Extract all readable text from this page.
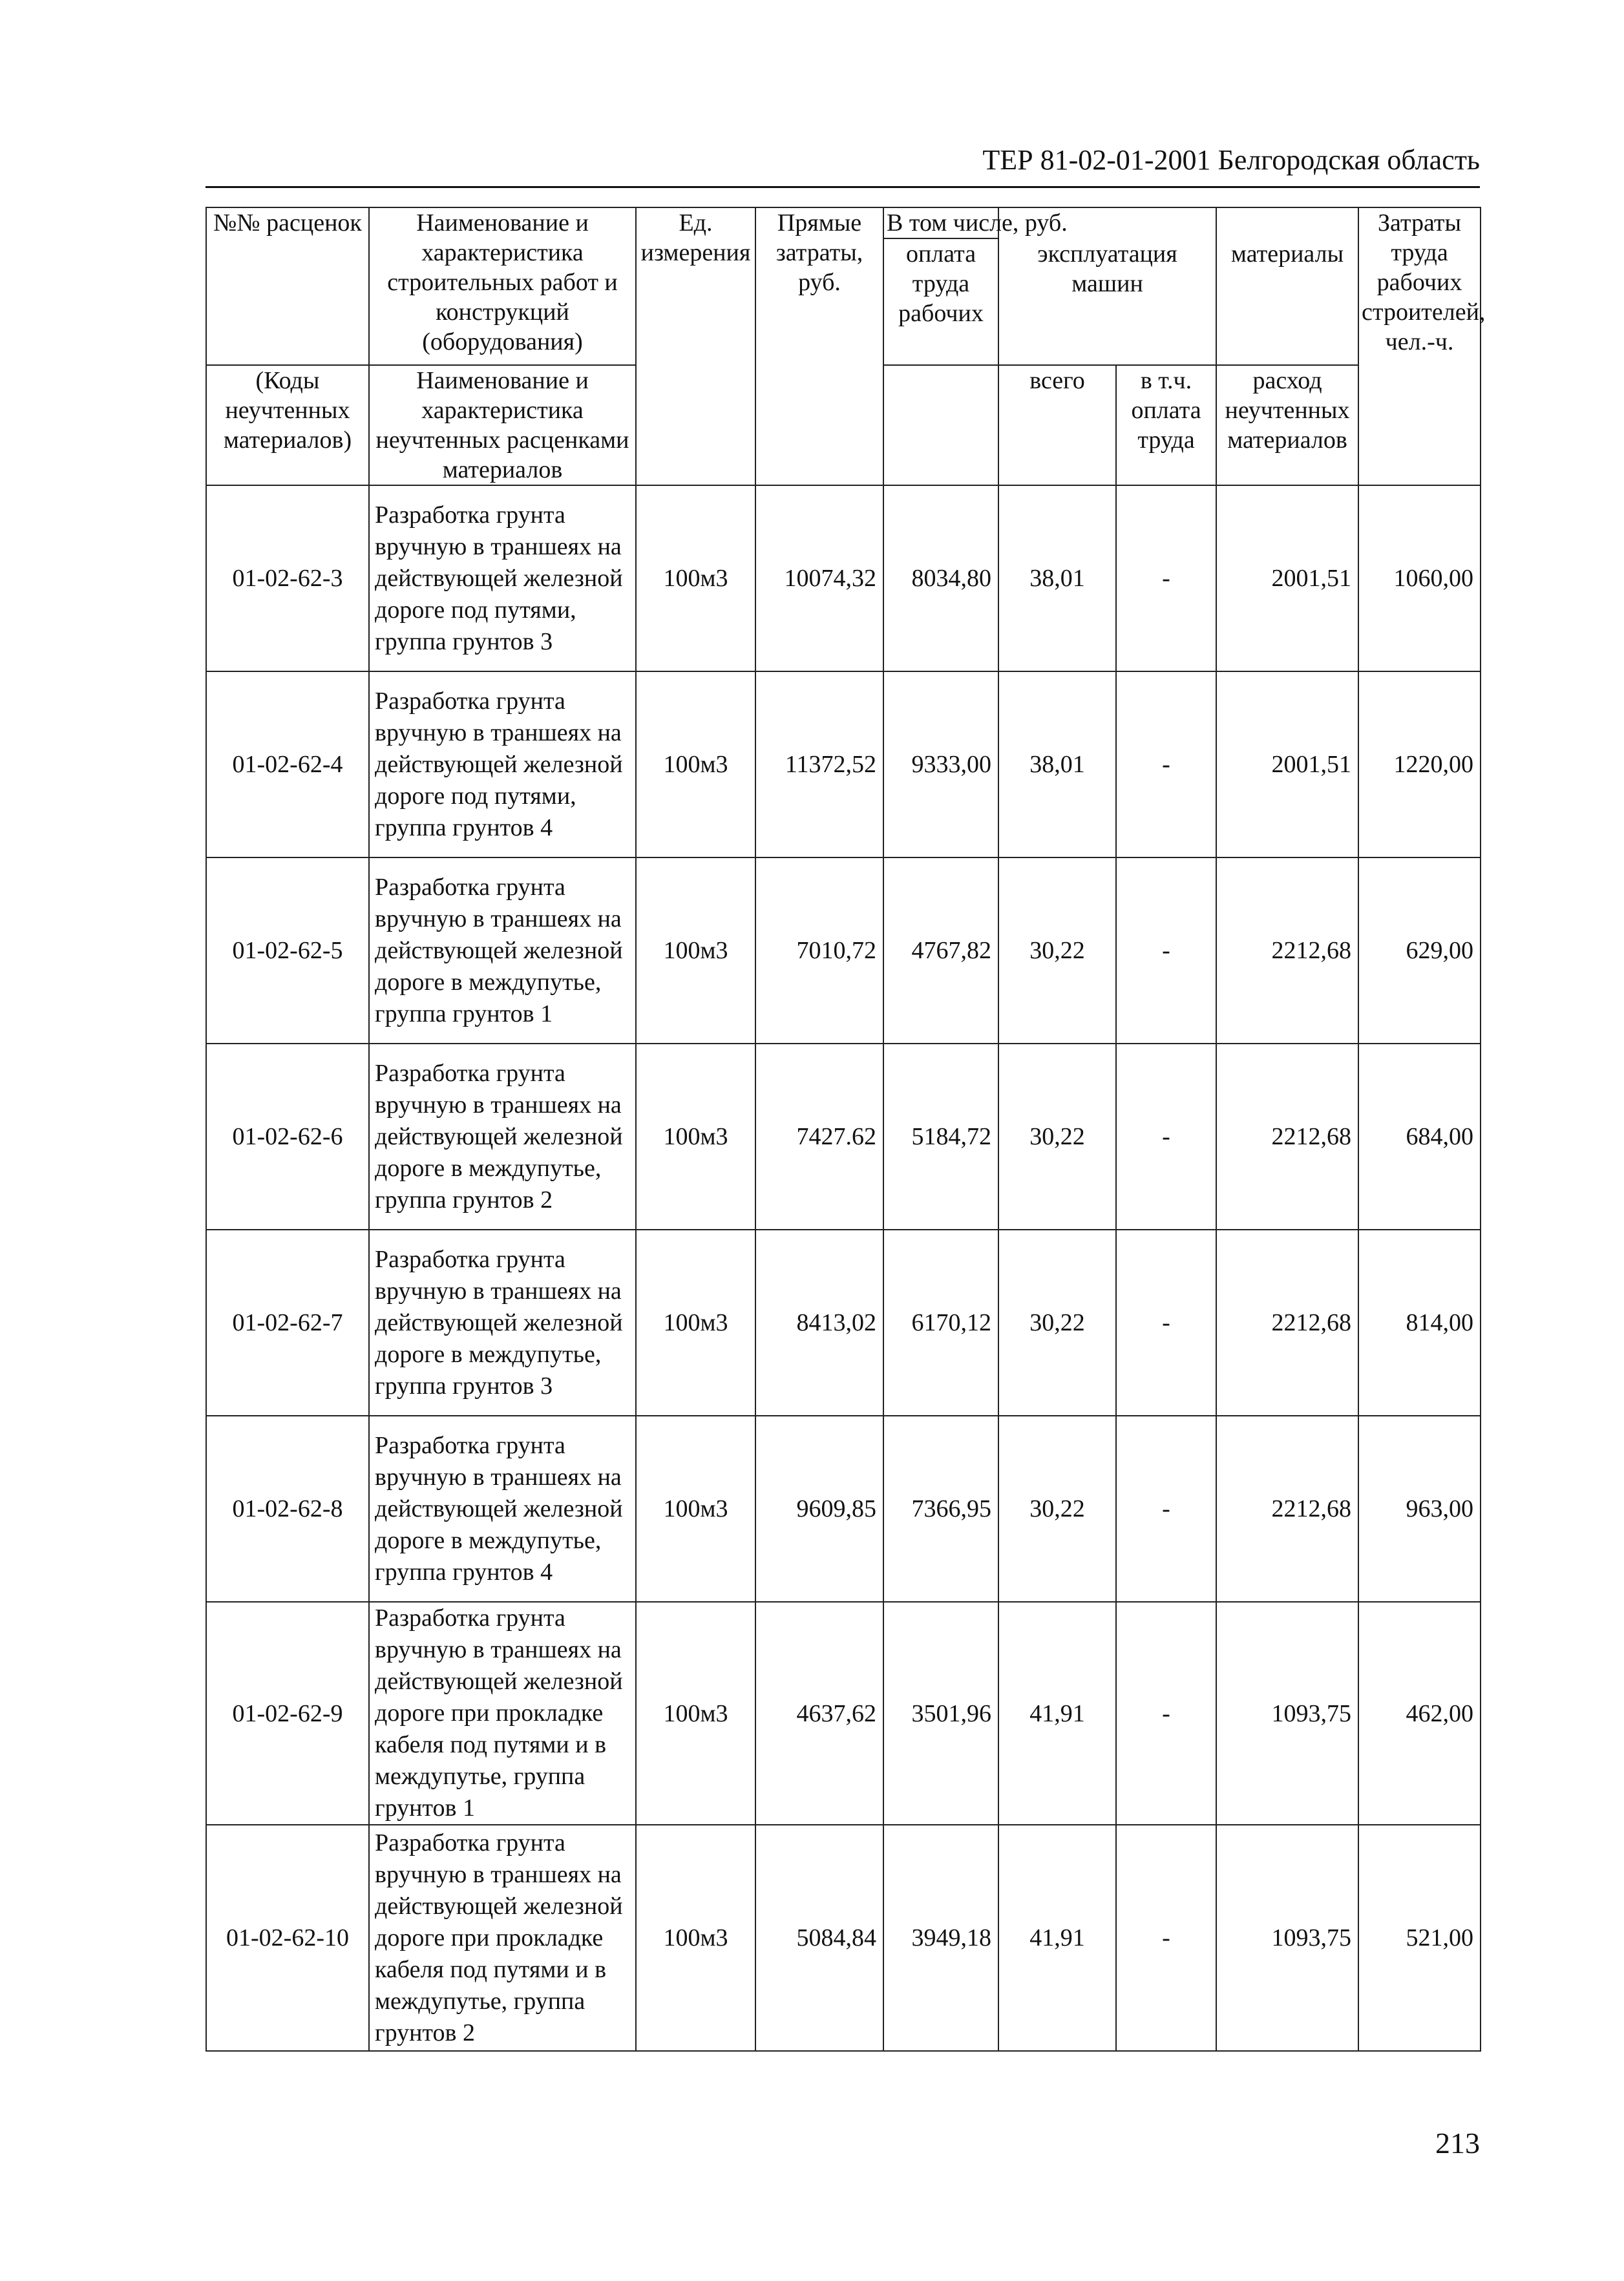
ТЕР 81-02-01-2001 Белгородская область
№№ расценок	Наименование и характеристика строительных работ и конструкций (оборудования)	Ед. измерения	Прямые затраты, руб.	В том числе, руб.
оплата труда рабочих	эксплуатация машин		материалы	Затраты труда рабочих строителей, чел.-ч.
(Коды неучтенных материалов)	Наименование и характеристика неучтенных расценками материалов				всего	в т.ч. оплата труда	расход неучтенных материалов	
01-02-62-3	Разработка грунта вручную в траншеях на действующей железной дороге под путями, группа грунтов 3	100м3	10074,32	8034,80	38,01	-	2001,51	1060,00
01-02-62-4	Разработка грунта вручную в траншеях на действующей железной дороге под путями, группа грунтов 4	100м3	11372,52	9333,00	38,01	-	2001,51	1220,00
01-02-62-5	Разработка грунта вручную в траншеях на действующей железной дороге в междупутье, группа грунтов 1	100м3	7010,72	4767,82	30,22	-	2212,68	629,00
01-02-62-6	Разработка грунта вручную в траншеях на действующей железной дороге в междупутье, группа грунтов 2	100м3	7427.62	5184,72	30,22	-	2212,68	684,00
01-02-62-7	Разработка грунта вручную в траншеях на действующей железной дороге в междупутье, группа грунтов 3	100м3	8413,02	6170,12	30,22	-	2212,68	814,00
01-02-62-8	Разработка грунта вручную в траншеях на действующей железной дороге в междупутье, группа грунтов 4	100м3	9609,85	7366,95	30,22	-	2212,68	963,00
01-02-62-9	Разработка грунта вручную в траншеях на действующей железной дороге при прокладке кабеля под путями и в междупутье, группа грунтов 1	100м3	4637,62	3501,96	41,91	-	1093,75	462,00
01-02-62-10	Разработка грунта вручную в траншеях на действующей железной дороге при прокладке кабеля под путями и в междупутье, группа грунтов 2	100м3	5084,84	3949,18	41,91	-	1093,75	521,00
213
